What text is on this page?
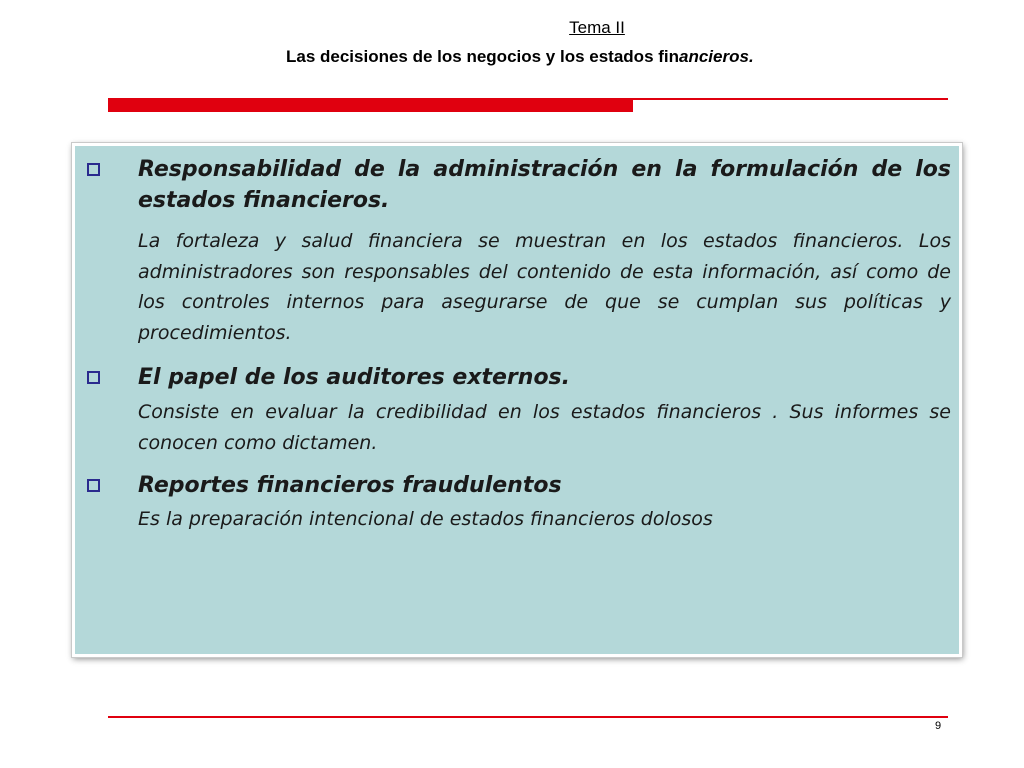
Tema II
Las decisiones de los negocios y los estados financieros.
Responsabilidad de la administración en la formulación de los estados financieros.
La fortaleza y salud financiera se muestran en los estados financieros. Los administradores son responsables del contenido de esta información, así como de los controles internos para asegurarse de que se cumplan sus políticas y procedimientos.
El papel de los auditores externos.
Consiste en evaluar la credibilidad en los estados financieros . Sus informes se conocen como dictamen.
Reportes financieros fraudulentos
Es la preparación intencional de estados financieros dolosos
9
